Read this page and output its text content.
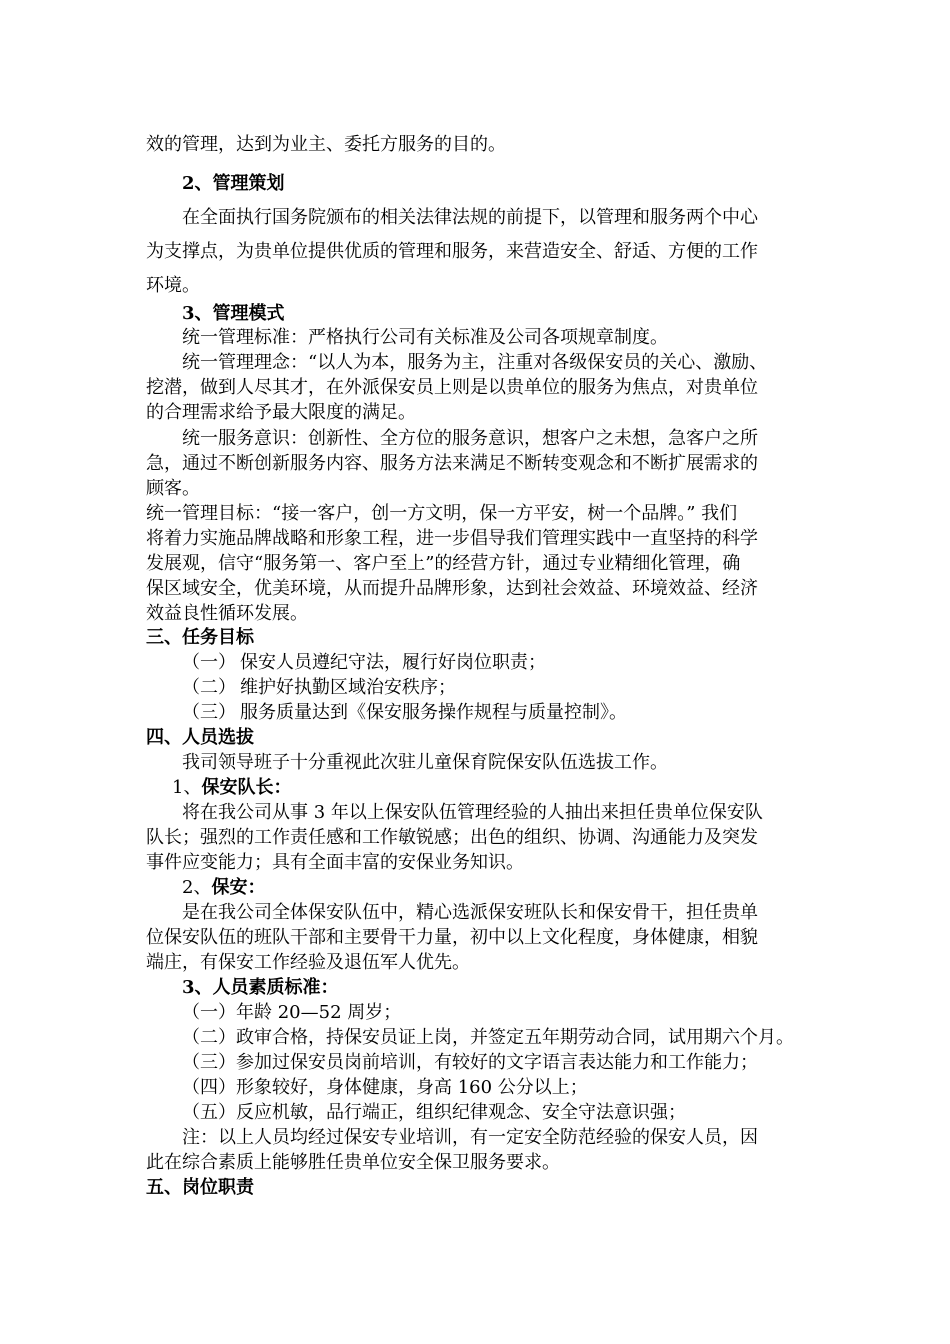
效的管理，达到为业主、委托方服务的目的。
2、管理策划
在全面执行国务院颁布的相关法律法规的前提下，以管理和服务两个中心
为支撑点，为贵单位提供优质的管理和服务，来营造安全、舒适、方便的工作
环境。
3、管理模式
统一管理标准：严格执行公司有关标准及公司各项规章制度。
统一管理理念：“以人为本，服务为主，注重对各级保安员的关心、激励、
挖潜，做到人尽其才，在外派保安员上则是以贵单位的服务为焦点，对贵单位
的合理需求给予最大限度的满足。
统一服务意识：创新性、全方位的服务意识，想客户之未想，急客户之所
急，通过不断创新服务内容、服务方法来满足不断转变观念和不断扩展需求的
顾客。
统一管理目标：“接一客户，创一方文明，保一方平安，树一个品牌。” 我们
将着力实施品牌战略和形象工程，进一步倡导我们管理实践中一直坚持的科学
发展观，信守“服务第一、客户至上”的经营方针，通过专业精细化管理，确
保区域安全，优美环境，从而提升品牌形象，达到社会效益、环境效益、经济
效益良性循环发展。
三、任务目标
（一） 保安人员遵纪守法，履行好岗位职责；
（二） 维护好执勤区域治安秩序；
（三） 服务质量达到《保安服务操作规程与质量控制》。
四、人员选拔
我司领导班子十分重视此次驻儿童保育院保安队伍选拔工作。
1、保安队长：
将在我公司从事 3 年以上保安队伍管理经验的人抽出来担任贵单位保安队
队长；强烈的工作责任感和工作敏锐感；出色的组织、协调、沟通能力及突发
事件应变能力；具有全面丰富的安保业务知识。
2、保安：
是在我公司全体保安队伍中，精心选派保安班队长和保安骨干，担任贵单
位保安队伍的班队干部和主要骨干力量，初中以上文化程度，身体健康，相貌
端庄，有保安工作经验及退伍军人优先。
3、人员素质标准：
（一）年龄 20—52 周岁；
（二）政审合格，持保安员证上岗，并签定五年期劳动合同，试用期六个月。
（三）参加过保安员岗前培训，有较好的文字语言表达能力和工作能力；
（四）形象较好，身体健康，身高 160 公分以上；
（五）反应机敏，品行端正，组织纪律观念、安全守法意识强；
注：以上人员均经过保安专业培训，有一定安全防范经验的保安人员，因
此在综合素质上能够胜任贵单位安全保卫服务要求。
五、岗位职责
